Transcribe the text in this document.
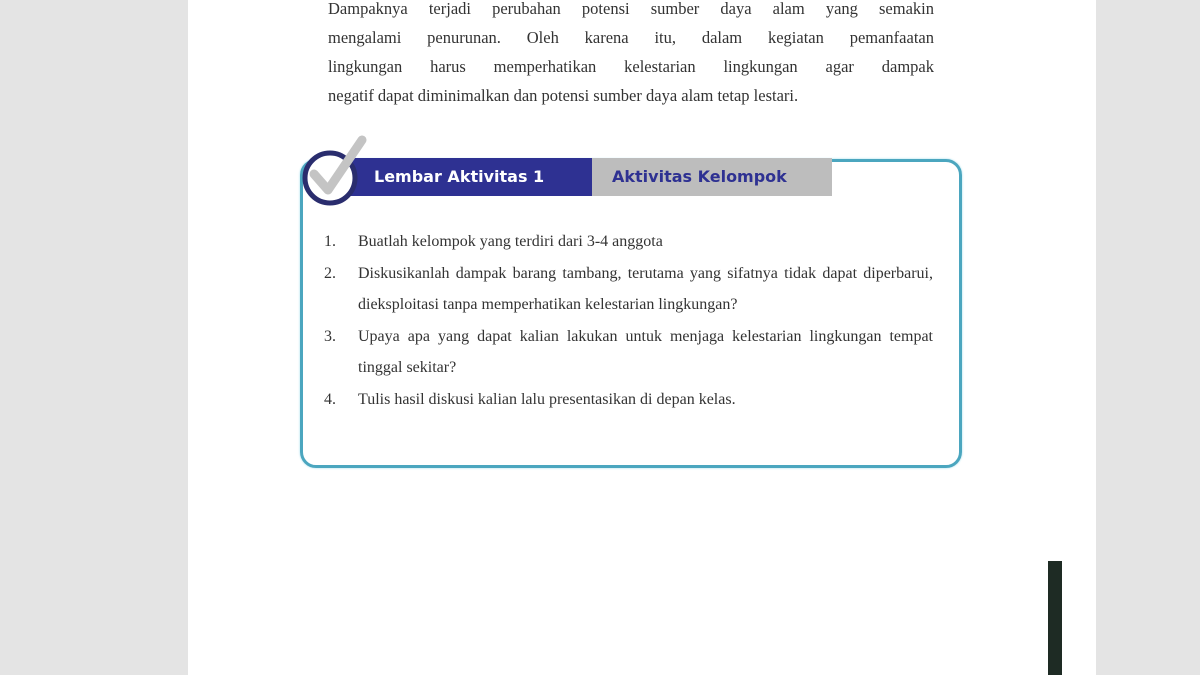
Dampaknya terjadi perubahan potensi sumber daya alam yang semakin

mengalami penurunan. Oleh karena itu, dalam kegiatan pemanfaatan

lingkungan harus memperhatikan kelestarian lingkungan agar dampak

negatif dapat diminimalkan dan potensi sumber daya alam tetap lestari.

Lembar Aktivitas 1	Aktivitas Kelompok
1.	Buatlah kelompok yang terdiri dari 3-4 anggota
2.	Diskusikanlah dampak barang tambang, terutama yang sifatnya tidak dapat diperbarui, dieksploitasi tanpa memperhatikan kelestarian lingkungan?
3.	Upaya apa yang dapat kalian lakukan untuk menjaga kelestarian lingkungan tempat tinggal sekitar?
4.	Tulis hasil diskusi kalian lalu presentasikan di depan kelas.
